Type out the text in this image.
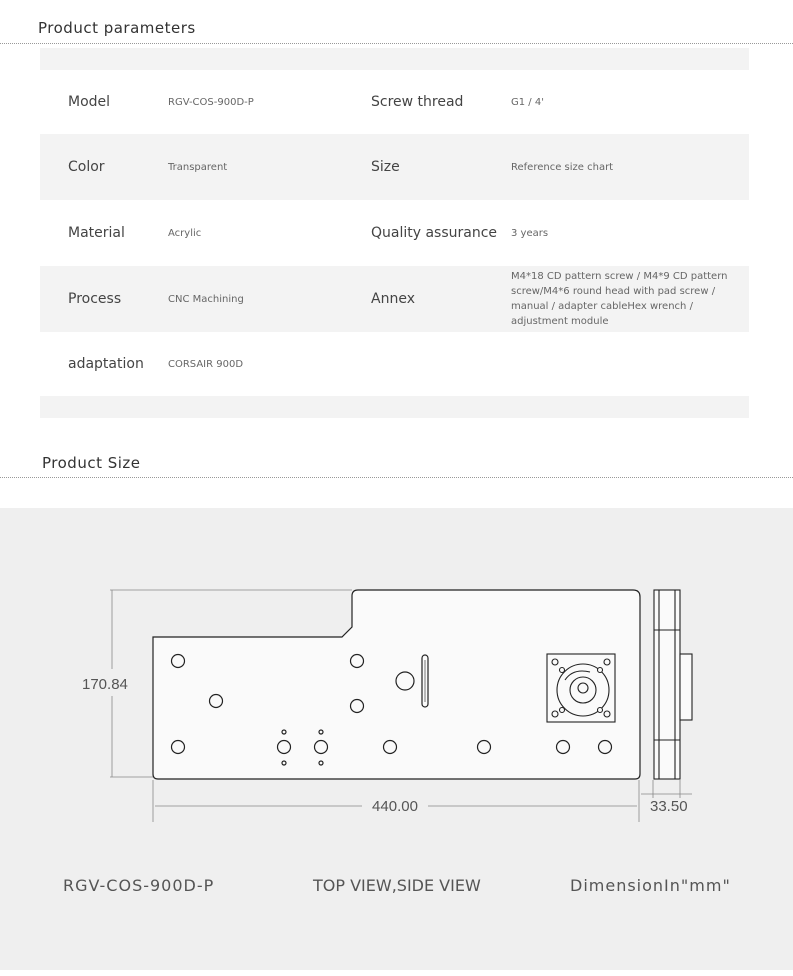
Product parameters
Model	RGV-COS-900D-P	Screw thread	G1 / 4'
Color	Transparent	Size	Reference size chart
Material	Acrylic	Quality assurance 3 years
Process	CNC Machining	Annex
M4*18 CD pattern screw / M4*9 CD pattern screw/M4*6 round head with pad screw / manual / adapter cableHex wrench / adjustment module
adaptation CORSAIR 900D
Product Size
170.84
440.00	33.50
RGV-COS-900D-P	TOP VIEW,SIDE VIEW	DimensionIn"mm"
